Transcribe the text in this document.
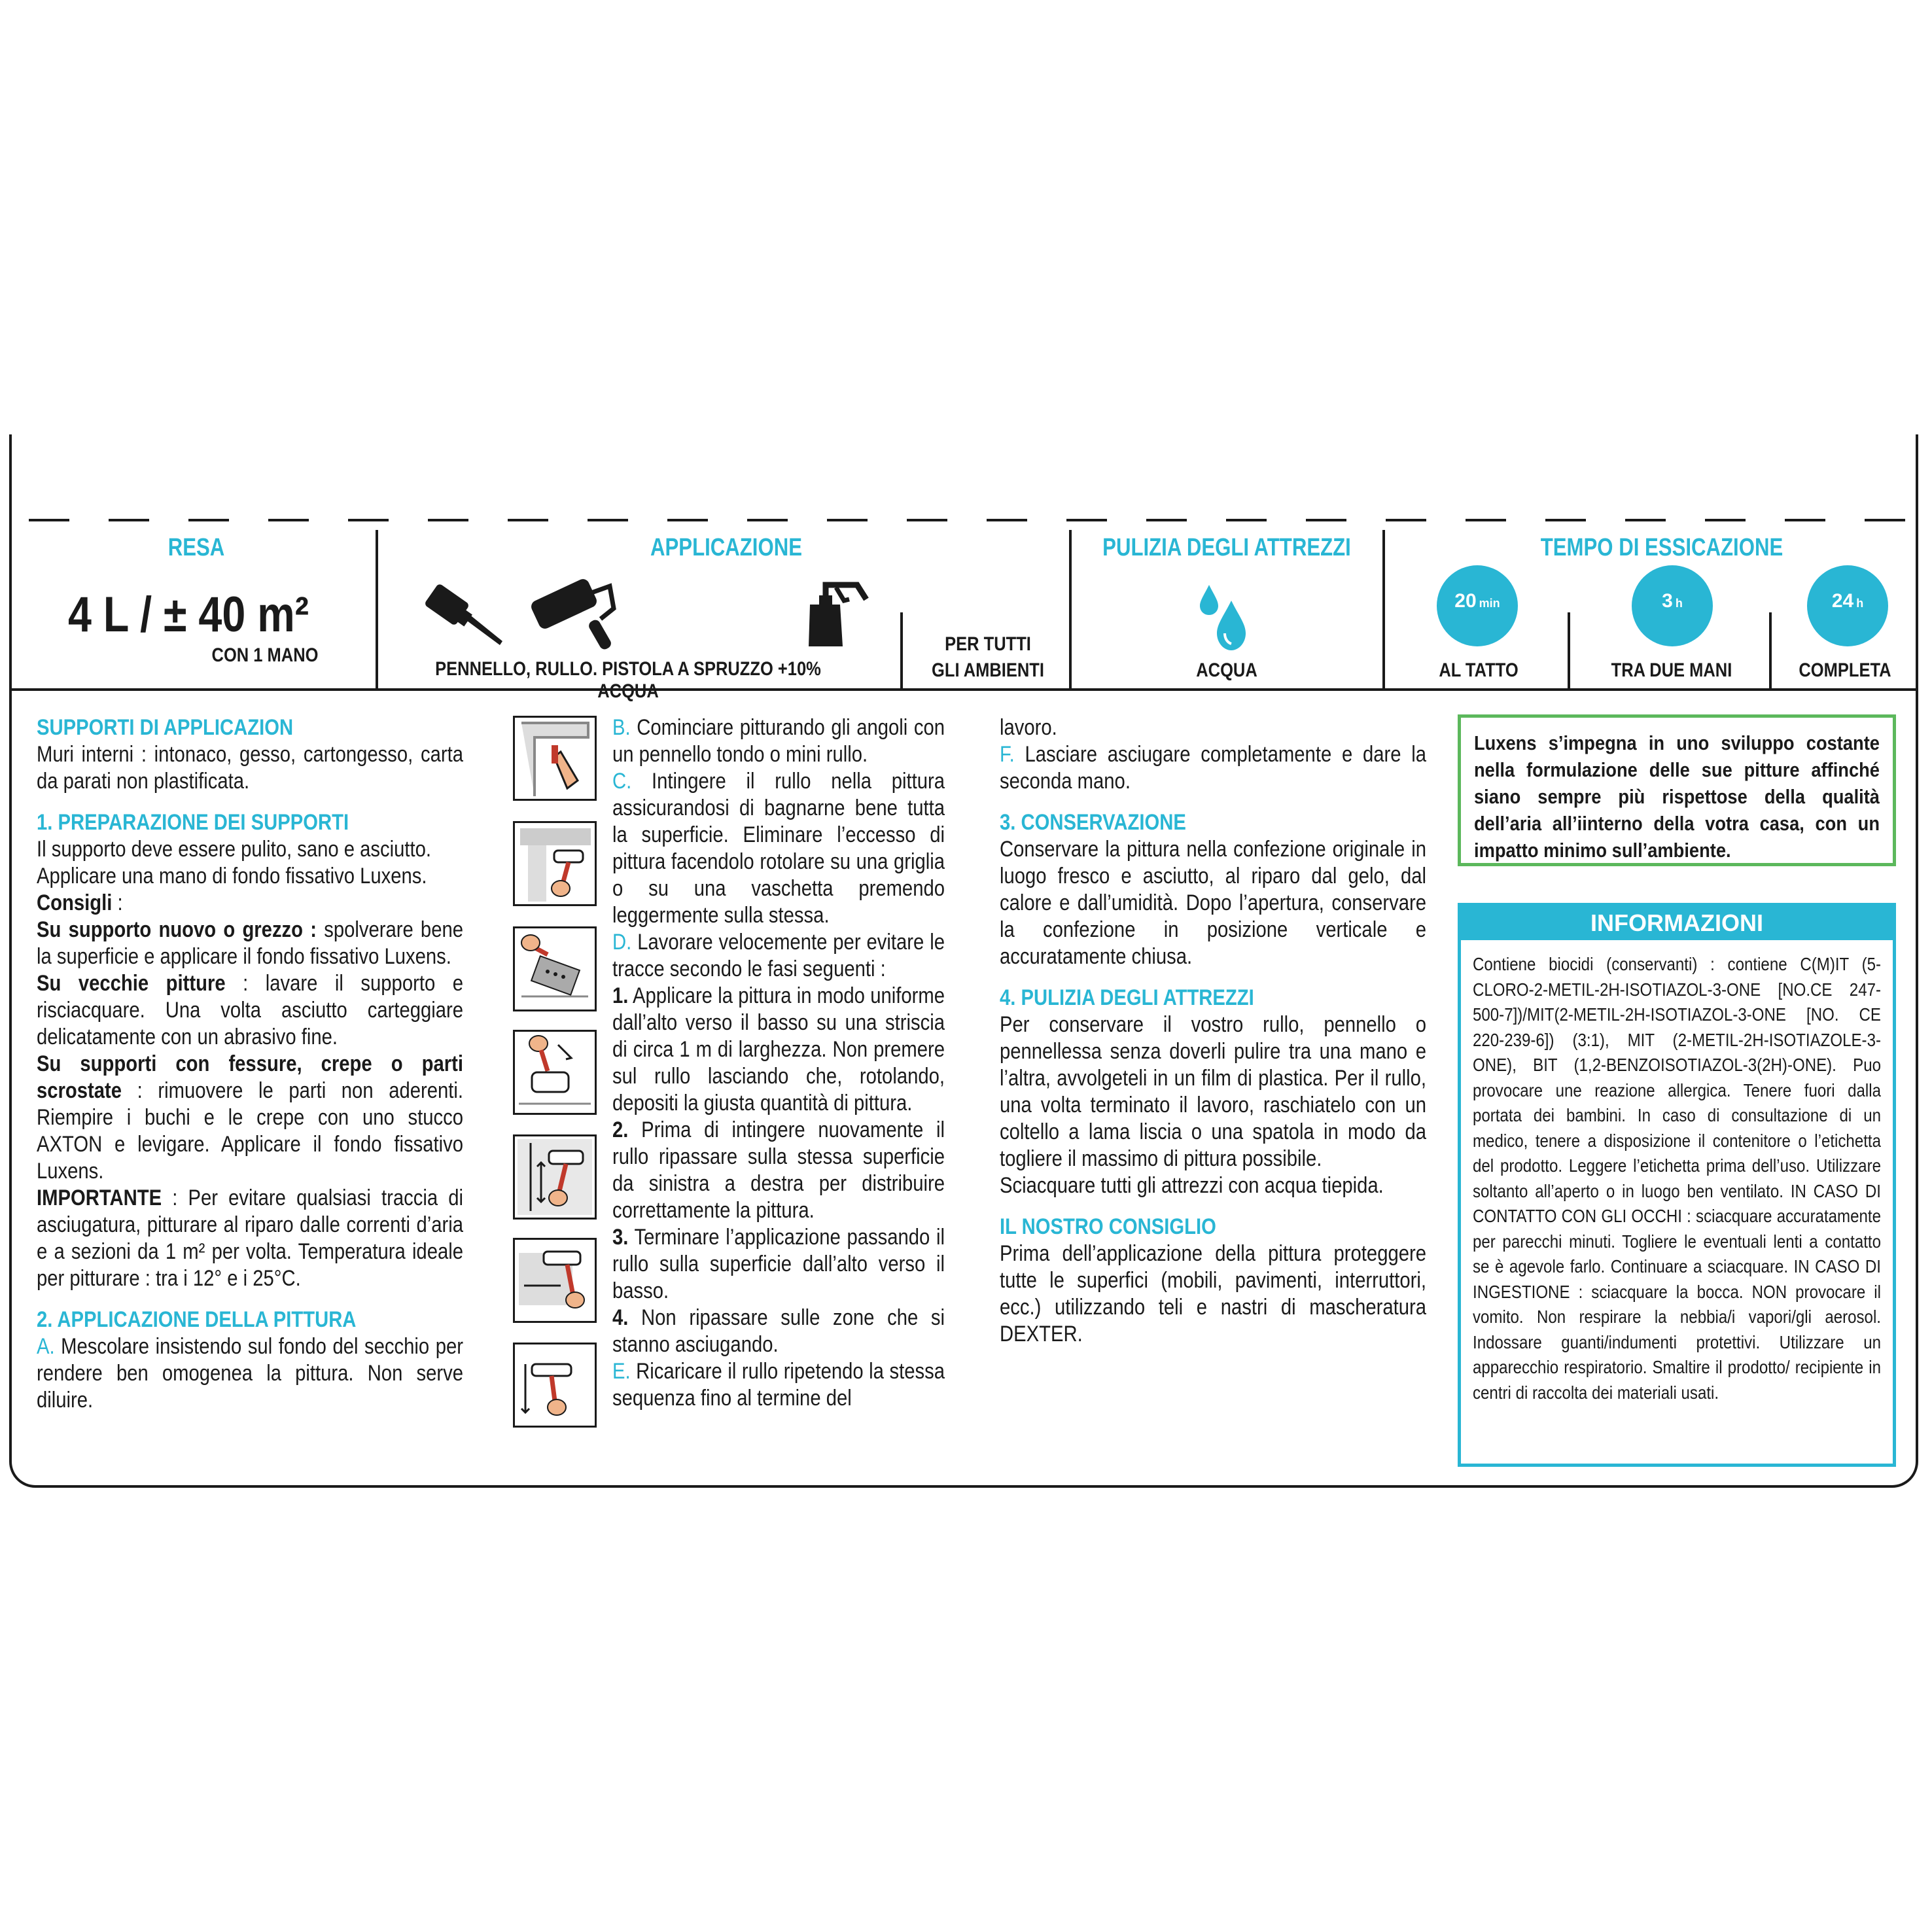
RESA
4 L / ± 40 m²
CON 1 MANO
APPLICAZIONE
PENNELLO, RULLO. PISTOLA A SPRUZZO +10% ACQUA
PER TUTTI
GLI AMBIENTI
PULIZIA DEGLI ATTREZZI
ACQUA
TEMPO DI ESSICAZIONE
20 min	3 h	24 h
AL TATTO	TRA DUE MANI	COMPLETA

SUPPORTI DI APPLICAZION

Muri interni : intonaco, gesso, cartongesso, carta da parati non plastificata.

1. PREPARAZIONE DEI SUPPORTI

Il supporto deve essere pulito, sano e asciutto.

Applicare una mano di fondo fissativo Luxens.

Consigli :

Su supporto nuovo o grezzo : spolverare bene la superficie e applicare il fondo fissativo Luxens.

Su vecchie pitture : lavare il supporto e risciacquare. Una volta asciutto carteggiare delicatamente con un abrasivo fine.

Su supporti con fessure, crepe o parti scrostate : rimuovere le parti non aderenti. Riempire i buchi e le crepe con uno stucco AXTON e levigare. Applicare il fondo fissativo Luxens.

IMPORTANTE : Per evitare qualsiasi traccia di asciugatura, pitturare al riparo dalle correnti d’aria e a sezioni da 1 m² per volta. Temperatura ideale per pitturare : tra i 12° e i 25°C.

2. APPLICAZIONE DELLA PITTURA

A. Mescolare insistendo sul fondo del secchio per rendere ben omogenea la pittura. Non serve diluire.

B. Cominciare pitturando gli angoli con un pennello tondo o mini rullo.

C. Intingere il rullo nella pittura assicurandosi di bagnarne bene tutta la superficie. Eliminare l’eccesso di pittura facendolo rotolare su una griglia o su una vaschetta premendo leggermente sulla stessa.

D. Lavorare velocemente per evitare le tracce secondo le fasi seguenti :

1. Applicare la pittura in modo uniforme dall’alto verso il basso su una striscia di circa 1 m di larghezza. Non premere sul rullo lasciando che, rotolando, depositi la giusta quantità di pittura.

2. Prima di intingere nuovamente il rullo ripassare sulla stessa superficie da sinistra a destra per distribuire correttamente la pittura.

3. Terminare l’applicazione passando il rullo sulla superficie dall’alto verso il basso.

4. Non ripassare sulle zone che si stanno asciugando.

E. Ricaricare il rullo ripetendo la stessa sequenza fino al termine del

lavoro.

F. Lasciare asciugare completamente e dare la seconda mano.

3. CONSERVAZIONE

Conservare la pittura nella confezione originale in luogo fresco e asciutto, al riparo dal gelo, dal calore e dall’umidità. Dopo l’apertura, conservare la confezione in posizione verticale e accuratamente chiusa.

4. PULIZIA DEGLI ATTREZZI

Per conservare il vostro rullo, pennello o pennellessa senza doverli pulire tra una mano e l’altra, avvolgeteli in un film di plastica. Per il rullo, una volta terminato il lavoro, raschiatelo con un coltello a lama liscia o una spatola in modo da togliere il massimo di pittura possibile.

Sciacquare tutti gli attrezzi con acqua tiepida.

IL NOSTRO CONSIGLIO

Prima dell’applicazione della pittura proteggere tutte le superfici (mobili, pavimenti, interruttori, ecc.) utilizzando teli e nastri di mascheratura DEXTER.

Luxens s’impegna in uno sviluppo costante nella formulazione delle sue pitture affinché siano sempre più rispettose della qualità dell’aria all’iinterno della votra casa, con un impatto minimo sull’ambiente.
INFORMAZIONI
Contiene biocidi (conservanti) : contiene C(M)IT (5-CLORO-2-METIL-2H-ISOTIAZOL-3-ONE [NO.CE 247-500-7])/MIT(2-METIL-2H-ISOTIAZOL-3-ONE [NO. CE 220-239-6]) (3:1), MIT (2-METIL-2H-ISOTIAZOLE-3-ONE), BIT (1,2-BENZOISOTIAZOL-3(2H)-ONE). Puo provocare une reazione allergica. Tenere fuori dalla portata dei bambini. In caso di consultazione di un medico, tenere a disposizione il contenitore o l’etichetta del prodotto. Leggere l’etichetta prima dell’uso. Utilizzare soltanto all’aperto o in luogo ben ventilato. IN CASO DI CONTATTO CON GLI OCCHI : sciacquare accuratamente per parecchi minuti. Togliere le eventuali lenti a contatto se è agevole farlo. Continuare a sciacquare. IN CASO DI INGESTIONE : sciacquare la bocca. NON provocare il vomito. Non respirare la nebbia/i vapori/gli aerosol. Indossare guanti/indumenti protettivi. Utilizzare un apparecchio respiratorio. Smaltire il prodotto/ recipiente in centri di raccolta dei materiali usati.
